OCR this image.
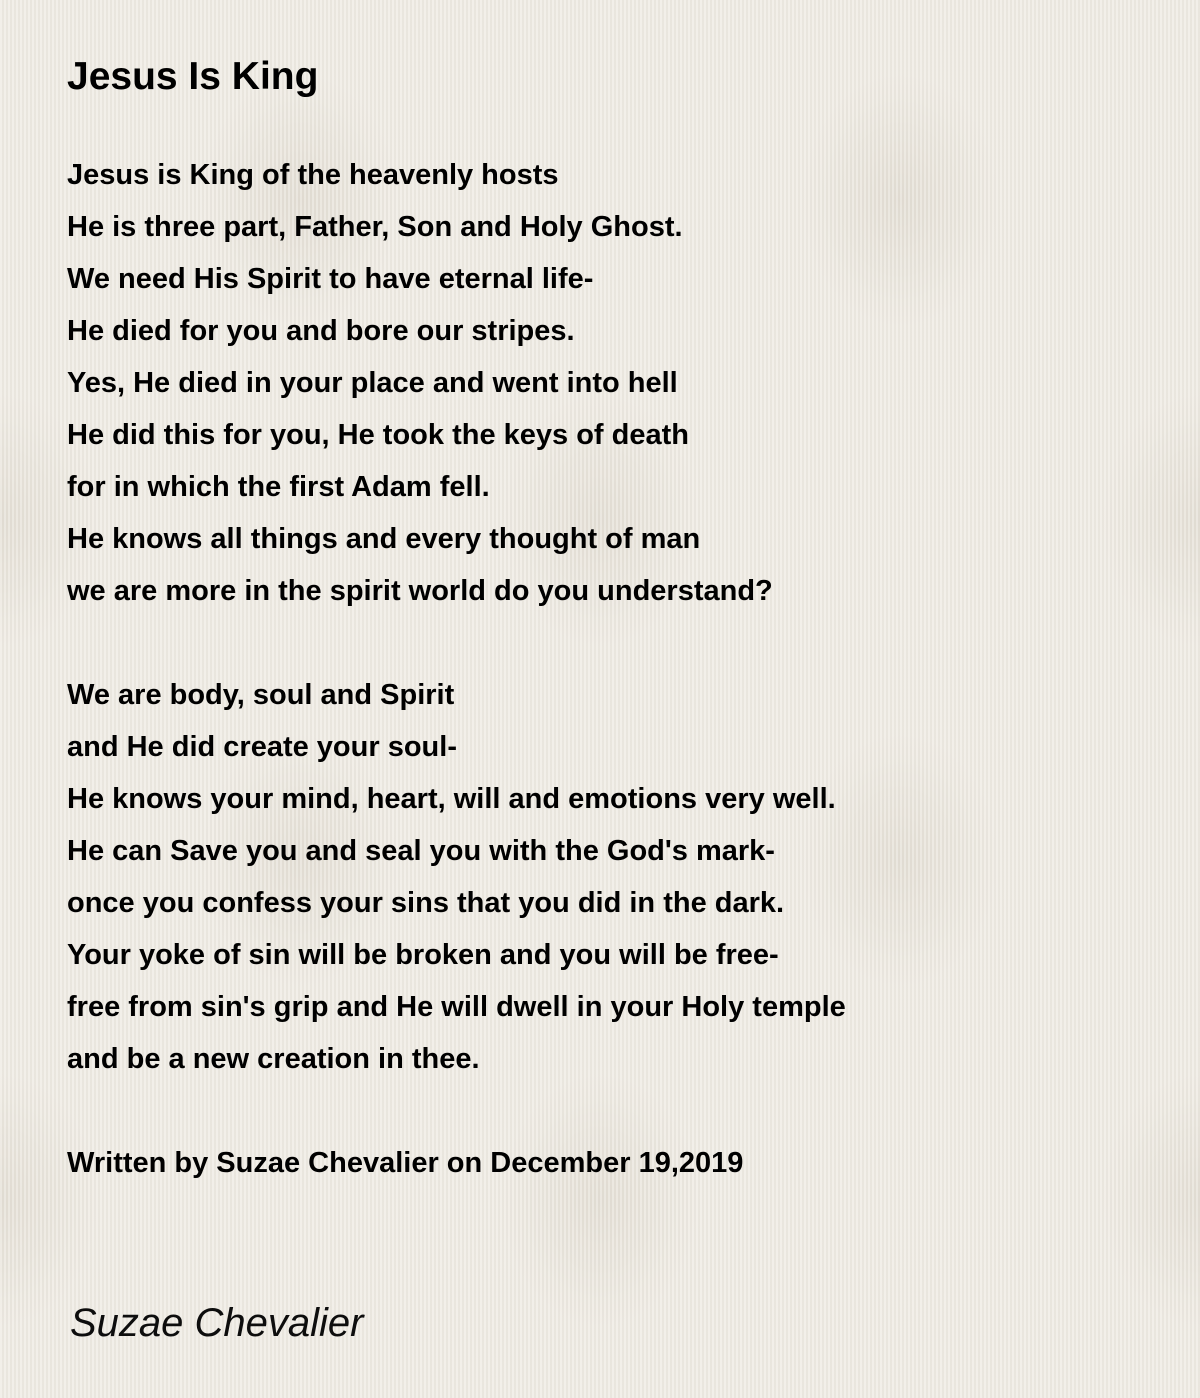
Jesus Is King
Jesus is King of the heavenly hosts
He is three part, Father, Son and Holy Ghost.
We need His Spirit to have eternal life-
He died for you and bore our stripes.
Yes, He died in your place and went into hell
He did this for you, He took the keys of death
for in which the first Adam fell.
He knows all things and every thought of man
we are more in the spirit world do you understand?
We are body, soul and Spirit
and He did create your soul-
He knows your mind, heart, will and emotions very well.
He can Save you and seal you with the God's mark-
once you confess your sins that you did in the dark.
Your yoke of sin will be broken and you will be free-
free from sin's grip and He will dwell in your Holy temple
and be a new creation in thee.
Written by Suzae Chevalier on December 19,2019

Suzae Chevalier
